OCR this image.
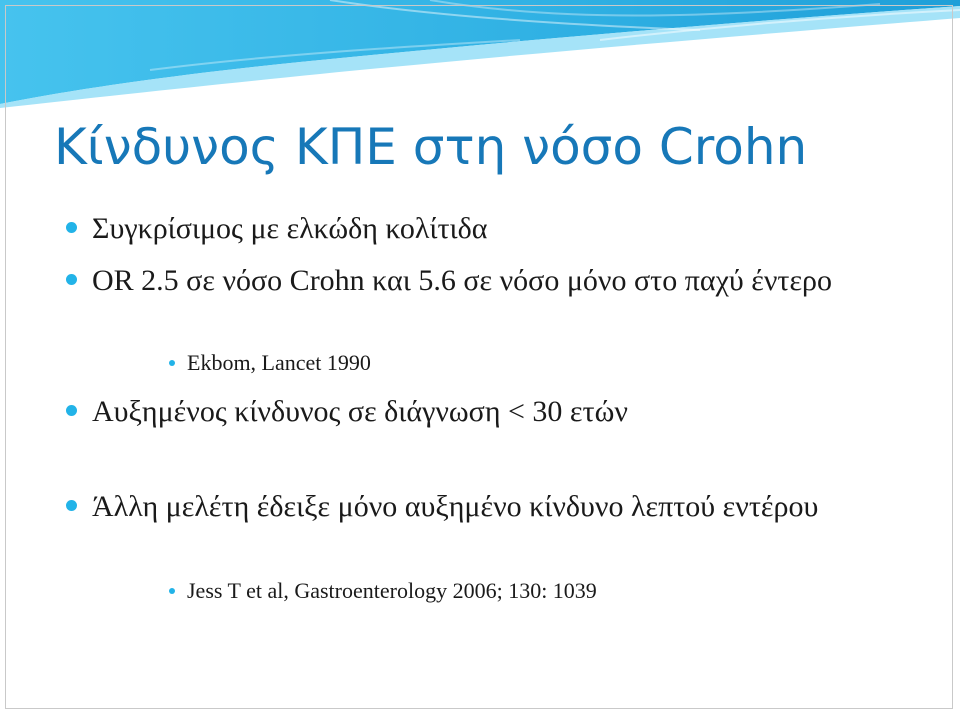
Κίνδυνος ΚΠΕ στη νόσο Crohn
Συγκρίσιμος με ελκώδη κολίτιδα
OR 2.5 σε νόσο Crohn και 5.6 σε νόσο μόνο στο παχύ έντερο
Ekbom, Lancet 1990
Αυξημένος κίνδυνος σε διάγνωση < 30 ετών
Άλλη μελέτη έδειξε μόνο αυξημένο κίνδυνο λεπτού εντέρου
Jess T et al, Gastroenterology 2006; 130: 1039
